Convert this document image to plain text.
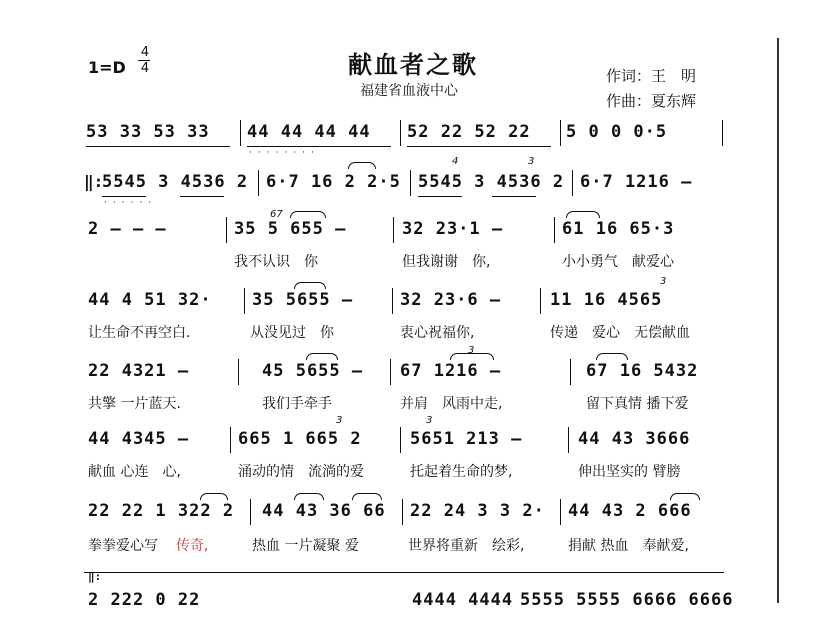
1=D
4
4	献血者之歌
福建省血液中心
作词：王　明
作曲：夏东辉
53 33 53 33 44 44 44 44 52 22 52 22 5 0 0 0·5
········
‖:
5545 3 4536 2 6·7 16 2 2·5 5545 3 4536 2 6·7 1216 –
4	3
······
2 – – –	35 5 655 –	32 23·1 –	61 16 65·3
67
我不认识　你	但我谢谢　你,	小小勇气　献爱心
44 4 51 32· 35 5655 –	32 23·6 –	11 16 4565
3
让生命不再空白.	从没见过　你	衷心祝福你,	传递　爱心　无偿献血
22 4321 –	45 5655 – 67 1216 –	67 16 5432
3
共擎 一片蓝天.	我们手牵手	并肩　风雨中走,	留下真情 播下爱
44 4345 –	665 1 665 2	5651 213 –	44 43 3666
3	3
献血 心连　心,	涌动的情　流淌的爱	托起着生命的梦,	伸出坚实的 臂膀
22 22 1 322 2 44 43 36 66 22 24 3 3 2· 44 43 2 666
拳拳爱心写 传奇,	热血 一片凝聚 爱	世界将重新　绘彩,	捐献 热血　奉献爱,
‖:
2 222 0 22	4444 4444 5555 5555 6666 6666
